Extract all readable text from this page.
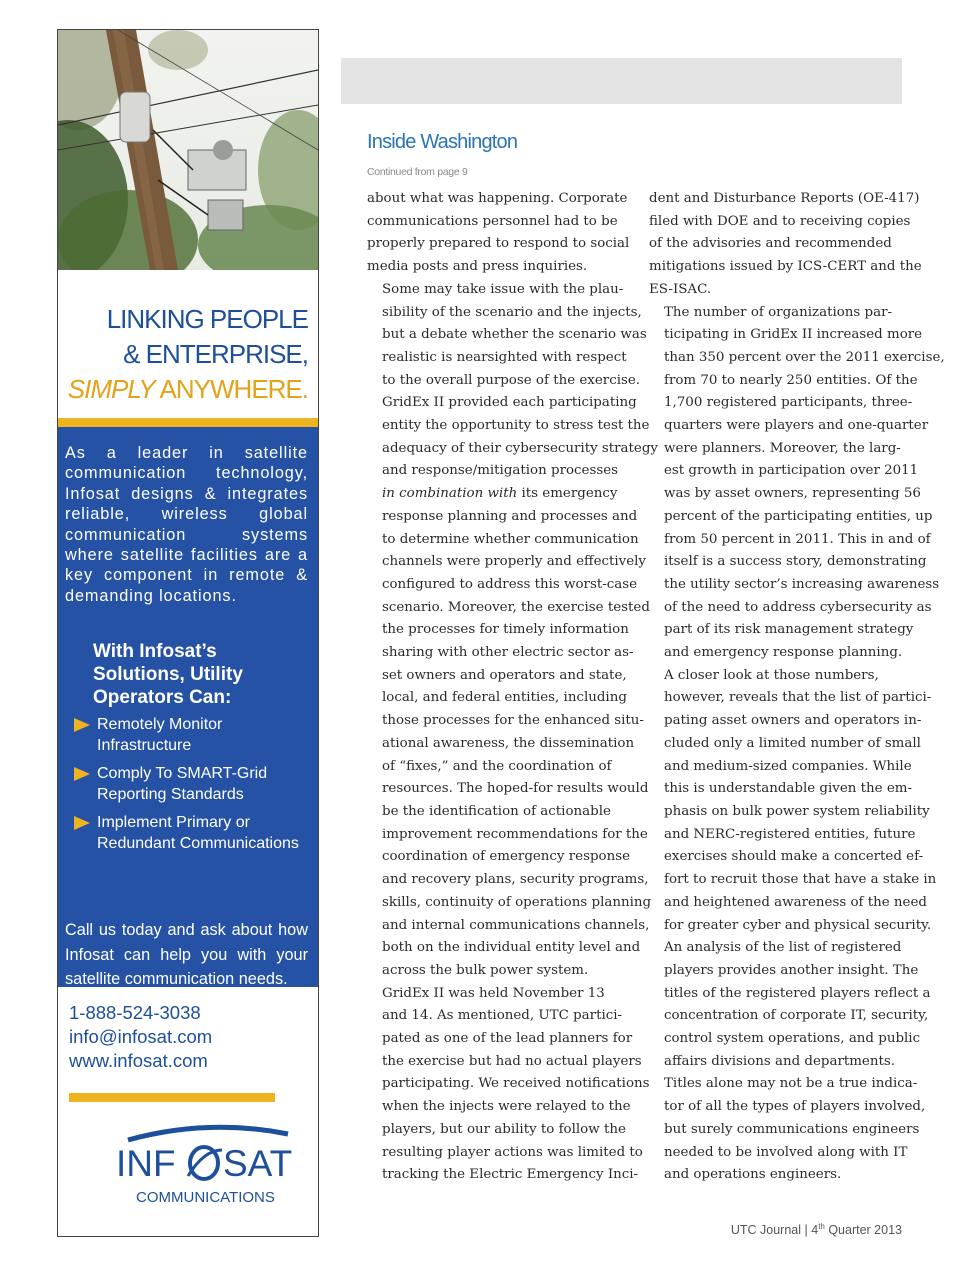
LINKING PEOPLE
& ENTERPRISE,
SIMPLY ANYWHERE.
As a leader in satellite communication technology, Infosat designs & integrates reliable, wireless global communication systems where satellite facilities are a key component in remote & demanding locations.
With Infosat’s
Solutions, Utility
Operators Can:
Remotely Monitor
Infrastructure
Comply To SMART-Grid
Reporting Standards
Implement Primary or
Redundant Communications
Call us today and ask about how Infosat can help you with your satellite communication needs.
1-888-524-3038
info@infosat.com
www.infosat.com
INF SAT
COMMUNICATIONS
Inside Washington
Continued from page 9

about what was happening. Corporate
communications personnel had to be
properly prepared to respond to social
media posts and press inquiries.

Some may take issue with the plau-
sibility of the scenario and the injects,
but a debate whether the scenario was
realistic is nearsighted with respect
to the overall purpose of the exercise.
GridEx II provided each participating
entity the opportunity to stress test the
adequacy of their cybersecurity strategy
and response/mitigation processes
in combination with its emergency
response planning and processes and
to determine whether communication
channels were properly and effectively
configured to address this worst-case
scenario. Moreover, the exercise tested
the processes for timely information
sharing with other electric sector as-
set owners and operators and state,
local, and federal entities, including
those processes for the enhanced situ-
ational awareness, the dissemination
of “fixes,” and the coordination of
resources. The hoped-for results would
be the identification of actionable
improvement recommendations for the
coordination of emergency response
and recovery plans, security programs,
skills, continuity of operations planning
and internal communications channels,
both on the individual entity level and
across the bulk power system.

GridEx II was held November 13
and 14. As mentioned, UTC partici-
pated as one of the lead planners for
the exercise but had no actual players
participating. We received notifications
when the injects were relayed to the
players, but our ability to follow the
resulting player actions was limited to
tracking the Electric Emergency Inci-

dent and Disturbance Reports (OE-417)
filed with DOE and to receiving copies
of the advisories and recommended
mitigations issued by ICS-CERT and the
ES-ISAC.

The number of organizations par-
ticipating in GridEx II increased more
than 350 percent over the 2011 exercise,
from 70 to nearly 250 entities. Of the
1,700 registered participants, three-
quarters were players and one-quarter
were planners. Moreover, the larg-
est growth in participation over 2011
was by asset owners, representing 56
percent of the participating entities, up
from 50 percent in 2011. This in and of
itself is a success story, demonstrating
the utility sector’s increasing awareness
of the need to address cybersecurity as
part of its risk management strategy
and emergency response planning.

A closer look at those numbers,
however, reveals that the list of partici-
pating asset owners and operators in-
cluded only a limited number of small
and medium-sized companies. While
this is understandable given the em-
phasis on bulk power system reliability
and NERC-registered entities, future
exercises should make a concerted ef-
fort to recruit those that have a stake in
and heightened awareness of the need
for greater cyber and physical security.

An analysis of the list of registered
players provides another insight. The
titles of the registered players reflect a
concentration of corporate IT, security,
control system operations, and public
affairs divisions and departments.
Titles alone may not be a true indica-
tor of all the types of players involved,
but surely communications engineers
needed to be involved along with IT
and operations engineers.

UTC Journal | 4th Quarter 2013
